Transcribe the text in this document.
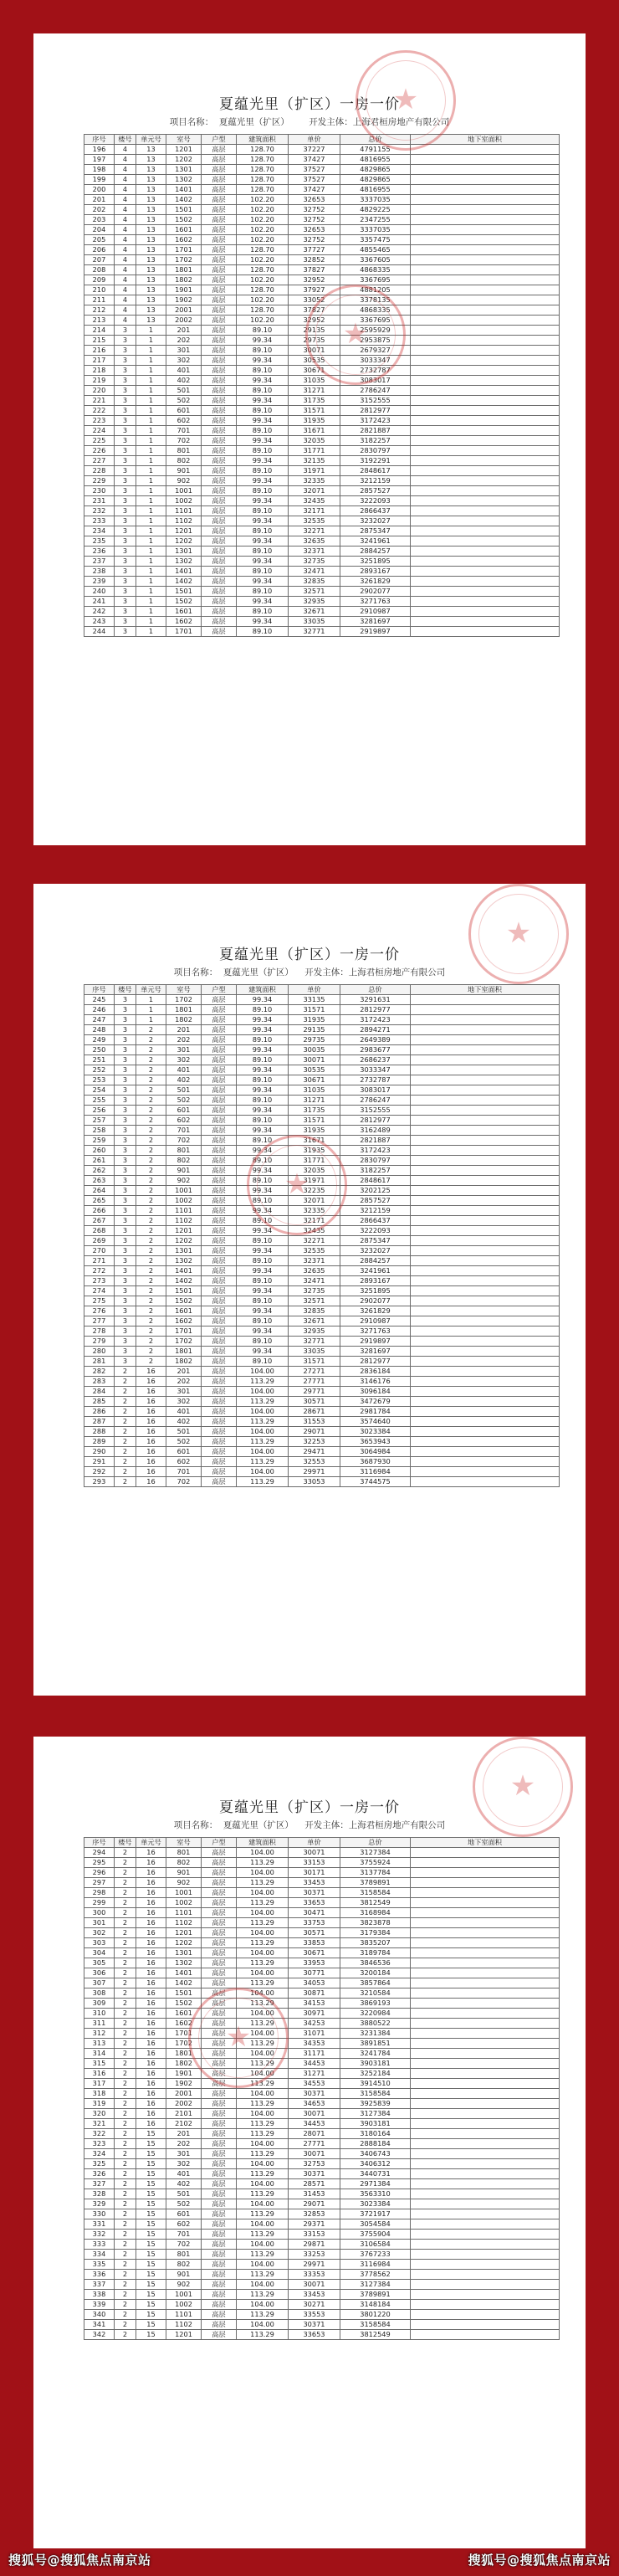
夏蕴光里（扩区）一房一价
项目名称：  夏蕴光里（扩区）       开发主体：上海君桓房地产有限公司
序号	楼号	单元号	室号	户型	建筑面积	单价	总价	地下室面积
196	4	13	1201	高层	128.70	37227	4791155	
197	4	13	1202	高层	128.70	37427	4816955	
198	4	13	1301	高层	128.70	37527	4829865	
199	4	13	1302	高层	128.70	37527	4829865	
200	4	13	1401	高层	128.70	37427	4816955	
201	4	13	1402	高层	102.20	32653	3337035	
202	4	13	1501	高层	102.20	32752	4829225	
203	4	13	1502	高层	102.20	32752	2347255	
204	4	13	1601	高层	102.20	32653	3337035	
205	4	13	1602	高层	102.20	32752	3357475	
206	4	13	1701	高层	128.70	37727	4855465	
207	4	13	1702	高层	102.20	32852	3367605	
208	4	13	1801	高层	128.70	37827	4868335	
209	4	13	1802	高层	102.20	32952	3367695	
210	4	13	1901	高层	128.70	37927	4881205	
211	4	13	1902	高层	102.20	33052	3378135	
212	4	13	2001	高层	128.70	37827	4868335	
213	4	13	2002	高层	102.20	32952	3367695	
214	3	1	201	高层	89.10	29135	2595929	
215	3	1	202	高层	99.34	29735	2953875	
216	3	1	301	高层	89.10	30071	2679327	
217	3	1	302	高层	99.34	30535	3033347	
218	3	1	401	高层	89.10	30671	2732787	
219	3	1	402	高层	99.34	31035	3083017	
220	3	1	501	高层	89.10	31271	2786247	
221	3	1	502	高层	99.34	31735	3152555	
222	3	1	601	高层	89.10	31571	2812977	
223	3	1	602	高层	99.34	31935	3172423	
224	3	1	701	高层	89.10	31671	2821887	
225	3	1	702	高层	99.34	32035	3182257	
226	3	1	801	高层	89.10	31771	2830797	
227	3	1	802	高层	99.34	32135	3192291	
228	3	1	901	高层	89.10	31971	2848617	
229	3	1	902	高层	99.34	32335	3212159	
230	3	1	1001	高层	89.10	32071	2857527	
231	3	1	1002	高层	99.34	32435	3222093	
232	3	1	1101	高层	89.10	32171	2866437	
233	3	1	1102	高层	99.34	32535	3232027	
234	3	1	1201	高层	89.10	32271	2875347	
235	3	1	1202	高层	99.34	32635	3241961	
236	3	1	1301	高层	89.10	32371	2884257	
237	3	1	1302	高层	99.34	32735	3251895	
238	3	1	1401	高层	89.10	32471	2893167	
239	3	1	1402	高层	99.34	32835	3261829	
240	3	1	1501	高层	89.10	32571	2902077	
241	3	1	1502	高层	99.34	32935	3271763	
242	3	1	1601	高层	89.10	32671	2910987	
243	3	1	1602	高层	99.34	33035	3281697	
244	3	1	1701	高层	89.10	32771	2919897	
★
★
夏蕴光里（扩区）一房一价
项目名称：  夏蕴光里（扩区）    开发主体：上海君桓房地产有限公司
序号	楼号	单元号	室号	户型	建筑面积	单价	总价	地下室面积
245	3	1	1702	高层	99.34	33135	3291631	
246	3	1	1801	高层	89.10	31571	2812977	
247	3	1	1802	高层	99.34	31935	3172423	
248	3	2	201	高层	99.34	29135	2894271	
249	3	2	202	高层	89.10	29735	2649389	
250	3	2	301	高层	99.34	30035	2983677	
251	3	2	302	高层	89.10	30071	2686237	
252	3	2	401	高层	99.34	30535	3033347	
253	3	2	402	高层	89.10	30671	2732787	
254	3	2	501	高层	99.34	31035	3083017	
255	3	2	502	高层	89.10	31271	2786247	
256	3	2	601	高层	99.34	31735	3152555	
257	3	2	602	高层	89.10	31571	2812977	
258	3	2	701	高层	99.34	31935	3162489	
259	3	2	702	高层	89.10	31671	2821887	
260	3	2	801	高层	99.34	31935	3172423	
261	3	2	802	高层	89.10	31771	2830797	
262	3	2	901	高层	99.34	32035	3182257	
263	3	2	902	高层	89.10	31971	2848617	
264	3	2	1001	高层	99.34	32235	3202125	
265	3	2	1002	高层	89.10	32071	2857527	
266	3	2	1101	高层	99.34	32335	3212159	
267	3	2	1102	高层	89.10	32171	2866437	
268	3	2	1201	高层	99.34	32435	3222093	
269	3	2	1202	高层	89.10	32271	2875347	
270	3	2	1301	高层	99.34	32535	3232027	
271	3	2	1302	高层	89.10	32371	2884257	
272	3	2	1401	高层	99.34	32635	3241961	
273	3	2	1402	高层	89.10	32471	2893167	
274	3	2	1501	高层	99.34	32735	3251895	
275	3	2	1502	高层	89.10	32571	2902077	
276	3	2	1601	高层	99.34	32835	3261829	
277	3	2	1602	高层	89.10	32671	2910987	
278	3	2	1701	高层	99.34	32935	3271763	
279	3	2	1702	高层	89.10	32771	2919897	
280	3	2	1801	高层	99.34	33035	3281697	
281	3	2	1802	高层	89.10	31571	2812977	
282	2	16	201	高层	104.00	27271	2836184	
283	2	16	202	高层	113.29	27771	3146176	
284	2	16	301	高层	104.00	29771	3096184	
285	2	16	302	高层	113.29	30571	3472679	
286	2	16	401	高层	104.00	28671	2981784	
287	2	16	402	高层	113.29	31553	3574640	
288	2	16	501	高层	104.00	29071	3023384	
289	2	16	502	高层	113.29	32253	3653943	
290	2	16	601	高层	104.00	29471	3064984	
291	2	16	602	高层	113.29	32553	3687930	
292	2	16	701	高层	104.00	29971	3116984	
293	2	16	702	高层	113.29	33053	3744575	
★
★
夏蕴光里（扩区）一房一价
项目名称：  夏蕴光里（扩区）    开发主体：上海君桓房地产有限公司
序号	楼号	单元号	室号	户型	建筑面积	单价	总价	地下室面积
294	2	16	801	高层	104.00	30071	3127384	
295	2	16	802	高层	113.29	33153	3755924	
296	2	16	901	高层	104.00	30171	3137784	
297	2	16	902	高层	113.29	33453	3789891	
298	2	16	1001	高层	104.00	30371	3158584	
299	2	16	1002	高层	113.29	33653	3812549	
300	2	16	1101	高层	104.00	30471	3168984	
301	2	16	1102	高层	113.29	33753	3823878	
302	2	16	1201	高层	104.00	30571	3179384	
303	2	16	1202	高层	113.29	33853	3835207	
304	2	16	1301	高层	104.00	30671	3189784	
305	2	16	1302	高层	113.29	33953	3846536	
306	2	16	1401	高层	104.00	30771	3200184	
307	2	16	1402	高层	113.29	34053	3857864	
308	2	16	1501	高层	104.00	30871	3210584	
309	2	16	1502	高层	113.29	34153	3869193	
310	2	16	1601	高层	104.00	30971	3220984	
311	2	16	1602	高层	113.29	34253	3880522	
312	2	16	1701	高层	104.00	31071	3231384	
313	2	16	1702	高层	113.29	34353	3891851	
314	2	16	1801	高层	104.00	31171	3241784	
315	2	16	1802	高层	113.29	34453	3903181	
316	2	16	1901	高层	104.00	31271	3252184	
317	2	16	1902	高层	113.29	34553	3914510	
318	2	16	2001	高层	104.00	30371	3158584	
319	2	16	2002	高层	113.29	34653	3925839	
320	2	16	2101	高层	104.00	30071	3127384	
321	2	16	2102	高层	113.29	34453	3903181	
322	2	15	201	高层	113.29	28071	3180164	
323	2	15	202	高层	104.00	27771	2888184	
324	2	15	301	高层	113.29	30071	3406743	
325	2	15	302	高层	104.00	32753	3406312	
326	2	15	401	高层	113.29	30371	3440731	
327	2	15	402	高层	104.00	28571	2971384	
328	2	15	501	高层	113.29	31453	3563310	
329	2	15	502	高层	104.00	29071	3023384	
330	2	15	601	高层	113.29	32853	3721917	
331	2	15	602	高层	104.00	29371	3054584	
332	2	15	701	高层	113.29	33153	3755904	
333	2	15	702	高层	104.00	29871	3106584	
334	2	15	801	高层	113.29	33253	3767233	
335	2	15	802	高层	104.00	29971	3116984	
336	2	15	901	高层	113.29	33353	3778562	
337	2	15	902	高层	104.00	30071	3127384	
338	2	15	1001	高层	113.29	33453	3789891	
339	2	15	1002	高层	104.00	30271	3148184	
340	2	15	1101	高层	113.29	33553	3801220	
341	2	15	1102	高层	104.00	30371	3158584	
342	2	15	1201	高层	113.29	33653	3812549	
★
★
搜狐号@搜狐焦点南京站	搜狐号@搜狐焦点南京站
